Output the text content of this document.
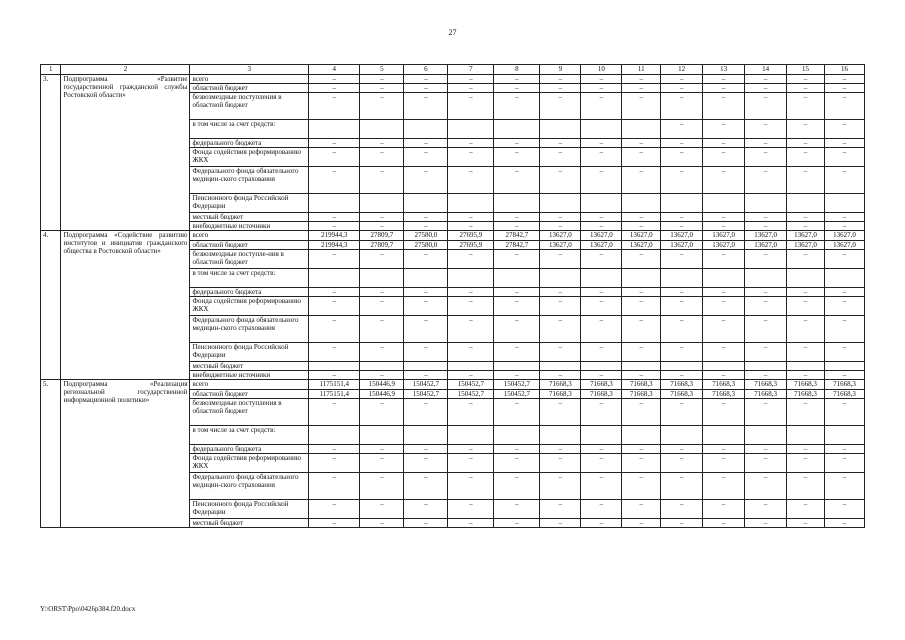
27
1	2	3	4	5	6	7	8	9	10	11	12	13	14	15	16
3.	Подпрограмма «Развитие государственной гражданской службы Ростовской области»	всего	–	–	–	–	–	–	–	–	–	–	–	–	–
		областной бюджет	–	–	–	–	–	–	–	–	–	–	–	–	–
		безвозмездные поступления в областной бюджет	–	–	–	–	–	–	–	–	–	–	–	–	–
		в том числе за счет средств:									–	–	–	–	–
		федерального бюджета	–	–	–	–	–	–	–	–	–	–	–	–	–
		Фонда содействия реформированию ЖКХ	–	–	–	–	–	–	–	–	–	–	–	–	–
		Федерального фонда обязательного медицин-ского страхования	–	–	–	–	–	–	–	–	–	–	–	–	–
		Пенсионного фонда Российской Федерации													
		местный бюджет	–	–	–	–	–	–	–	–	–	–	–	–	–
		внебюджетные источники	–	–	–	–	–	–	–	–	–	–	–	–	–
4.	Подпрограмма «Содействие развитию институтов и инициатив гражданского общества в Ростовской области»	всего	219944,3	27809,7	27580,0	27695,9	27842,7	13627,0	13627,0	13627,0	13627,0	13627,0	13627,0	13627,0	13627,0
		областной бюджет	219944,3	27809,7	27580,0	27695,9	27842,7	13627,0	13627,0	13627,0	13627,0	13627,0	13627,0	13627,0	13627,0
		безвозмездные поступле-ния в областной бюджет	–	–	–	–	–	–	–	–	–	–	–	–	–
		в том числе за счет средств:													
		федерального бюджета	–	–	–	–	–	–	–	–	–	–	–	–	–
		Фонда содействия реформированию ЖКХ	–	–	–	–	–	–	–	–	–	–	–	–	–
		Федерального фонда обязательного медицин-ского страхования	–	–	–	–	–	–	–	–	–	–	–	–	–
		Пенсионного фонда Российской Федерации	–	–	–	–	–	–	–	–	–	–	–	–	–
		местный бюджет													
		внебюджетные источники	–	–	–	–	–	–	–	–	–	–	–	–	–
5.	Подпрограмма «Реализация региональной государственной информационной политики»	всего	1175151,4	150446,9	150452,7	150452,7	150452,7	71668,3	71668,3	71668,3	71668,3	71668,3	71668,3	71668,3	71668,3
		областной бюджет	1175151,4	150446,9	150452,7	150452,7	150452,7	71668,3	71668,3	71668,3	71668,3	71668,3	71668,3	71668,3	71668,3
		безвозмездные поступления в областной бюджет	–	–	–	–	–	–	–	–	–	–	–	–	–
		в том числе за счет средств:													
		федерального бюджета	–	–	–	–	–	–	–	–	–	–	–	–	–
		Фонда содействия реформированию ЖКХ	–	–	–	–	–	–	–	–	–	–	–	–	–
		Федерального фонда обязательного медицин-ского страхования	–	–	–	–	–	–	–	–	–	–	–	–	–
		Пенсионного фонда Российской Федерации	–	–	–	–	–	–	–	–	–	–	–	–	–
		местный бюджет	–	–	–	–	–	–	–	–	–	–	–	–	–
Y:\ORST\Ppo\0426p384.f20.docx
